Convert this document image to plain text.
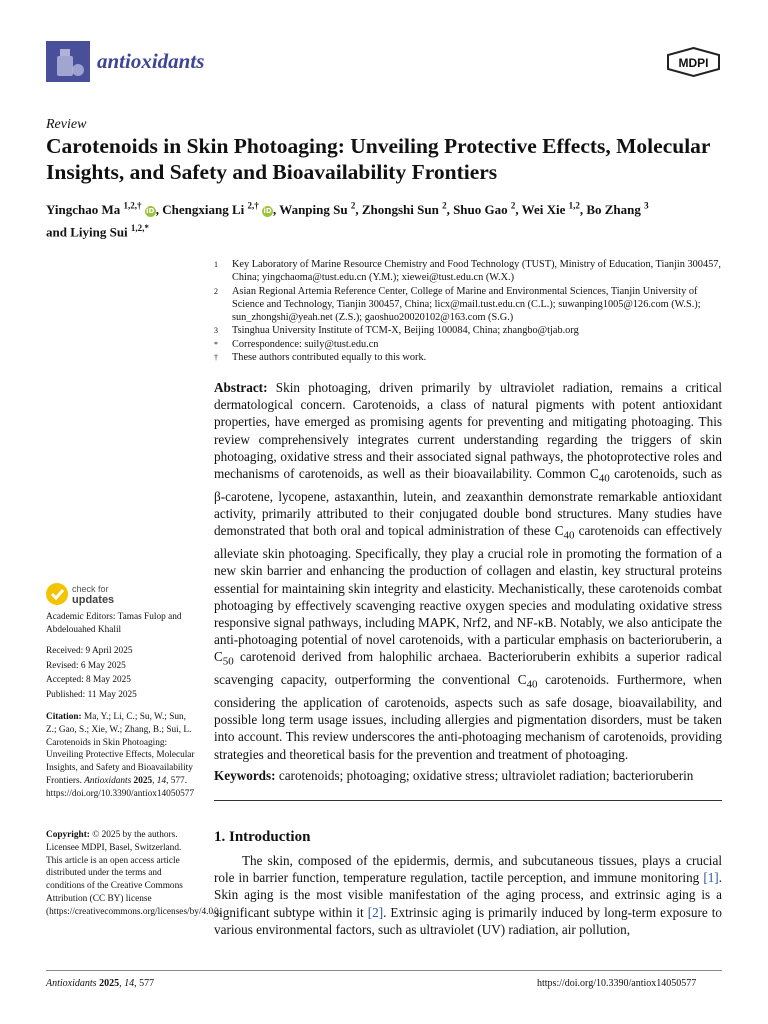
antioxidants	MDPI
Review
Carotenoids in Skin Photoaging: Unveiling Protective Effects, Molecular Insights, and Safety and Bioavailability Frontiers
Yingchao Ma $^{1,2,\dagger}$ iD, Chengxiang Li $^{2,\dagger}$ iD, Wanping Su $^2$, Zhongshi Sun $^2$, Shuo Gao $^2$, Wei Xie $^{1,2}$, Bo Zhang $^3$
and Liying Sui $^{1,2,*}$
1	Key Laboratory of Marine Resource Chemistry and Food Technology (TUST), Ministry of Education, Tianjin 300457, China; yingchaoma@tust.edu.cn (Y.M.); xiewei@tust.edu.cn (W.X.)
2	Asian Regional Artemia Reference Center, College of Marine and Environmental Sciences, Tianjin University of Science and Technology, Tianjin 300457, China; licx@mail.tust.edu.cn (C.L.); suwanping1005@126.com (W.S.); sun_zhongshi@yeah.net (Z.S.); gaoshuo20020102@163.com (S.G.)
3	Tsinghua University Institute of TCM-X, Beijing 100084, China; zhangbo@tjab.org
*	Correspondence: suily@tust.edu.cn
†	These authors contributed equally to this work.
Abstract: Skin photoaging, driven primarily by ultraviolet radiation, remains a critical dermatological concern. Carotenoids, a class of natural pigments with potent antioxidant properties, have emerged as promising agents for preventing and mitigating photoaging. This review comprehensively integrates current understanding regarding the triggers of skin photoaging, oxidative stress and their associated signal pathways, the photoprotective roles and mechanisms of carotenoids, as well as their bioavailability. Common $C_{40}$ carotenoids, such as β-carotene, lycopene, astaxanthin, lutein, and zeaxanthin demonstrate remarkable antioxidant activity, primarily attributed to their conjugated double bond structures. Many studies have demonstrated that both oral and topical administration of these $C_{40}$ carotenoids can effectively alleviate skin photoaging. Specifically, they play a crucial role in promoting the formation of a new skin barrier and enhancing the production of collagen and elastin, key structural proteins essential for maintaining skin integrity and elasticity. Mechanistically, these carotenoids combat photoaging by effectively scavenging reactive oxygen species and modulating oxidative stress responsive signal pathways, including MAPK, Nrf2, and NF-κB. Notably, we also anticipate the anti-photoaging potential of novel carotenoids, with a particular emphasis on bacterioruberin, a $C_{50}$ carotenoid derived from halophilic archaea. Bacterioruberin exhibits a superior radical scavenging capacity, outperforming the conventional $C_{40}$ carotenoids. Furthermore, when considering the application of carotenoids, aspects such as safe dosage, bioavailability, and possible long term usage issues, including allergies and pigmentation disorders, must be taken into account. This review underscores the anti-photoaging mechanism of carotenoids, providing strategies and theoretical basis for the prevention and treatment of photoaging.
Keywords: carotenoids; photoaging; oxidative stress; ultraviolet radiation; bacterioruberin
1. Introduction
The skin, composed of the epidermis, dermis, and subcutaneous tissues, plays a crucial role in barrier function, temperature regulation, tactile perception, and immune monitoring [1]. Skin aging is the most visible manifestation of the aging process, and extrinsic aging is a significant subtype within it [2]. Extrinsic aging is primarily induced by long-term exposure to various environmental factors, such as ultraviolet (UV) radiation, air pollution,
check for
updates
Academic Editors: Tamas Fulop and Abdelouahed Khalil
Received: 9 April 2025
Revised: 6 May 2025
Accepted: 8 May 2025
Published: 11 May 2025
Citation: Ma, Y.; Li, C.; Su, W.; Sun, Z.; Gao, S.; Xie, W.; Zhang, B.; Sui, L. Carotenoids in Skin Photoaging: Unveiling Protective Effects, Molecular Insights, and Safety and Bioavailability Frontiers. Antioxidants 2025, 14, 577. https://doi.org/10.3390/antiox14050577
Copyright: © 2025 by the authors. Licensee MDPI, Basel, Switzerland. This article is an open access article distributed under the terms and conditions of the Creative Commons Attribution (CC BY) license (https://creativecommons.org/licenses/by/4.0/).
Antioxidants 2025, 14, 577	https://doi.org/10.3390/antiox14050577
